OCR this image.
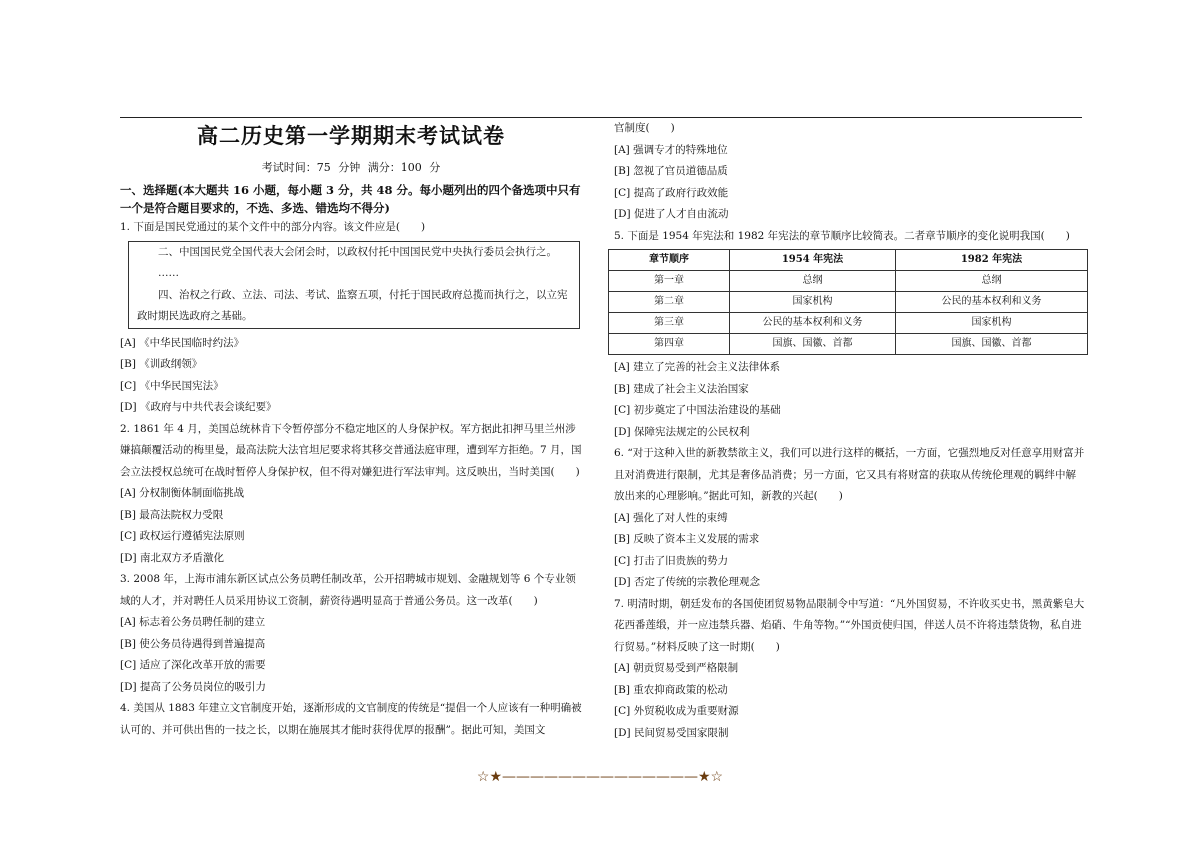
高二历史第一学期期末考试试卷
考试时间：75 分钟 满分：100 分
一、选择题(本大题共 16 小题，每小题 3 分，共 48 分。每小题列出的四个备选项中只有一个是符合题目要求的，不选、多选、错选均不得分)

1. 下面是国民党通过的某个文件中的部分内容。该文件应是(　　)

二、中国国民党全国代表大会闭会时，以政权付托中国国民党中央执行委员会执行之。

……

四、治权之行政、立法、司法、考试、监察五项，付托于国民政府总揽而执行之，以立宪政时期民选政府之基础。

[A] 《中华民国临时约法》

[B] 《训政纲领》

[C] 《中华民国宪法》

[D] 《政府与中共代表会谈纪要》

2. 1861 年 4 月，美国总统林肯下令暂停部分不稳定地区的人身保护权。军方据此扣押马里兰州涉嫌搞颠覆活动的梅里曼，最高法院大法官坦尼要求将其移交普通法庭审理，遭到军方拒绝。7 月，国会立法授权总统可在战时暂停人身保护权，但不得对嫌犯进行军法审判。这反映出，当时美国(　　)

[A] 分权制衡体制面临挑战

[B] 最高法院权力受限

[C] 政权运行遵循宪法原则

[D] 南北双方矛盾激化

3. 2008 年，上海市浦东新区试点公务员聘任制改革，公开招聘城市规划、金融规划等 6 个专业领域的人才，并对聘任人员采用协议工资制，薪资待遇明显高于普通公务员。这一改革(　　)

[A] 标志着公务员聘任制的建立

[B] 使公务员待遇得到普遍提高

[C] 适应了深化改革开放的需要

[D] 提高了公务员岗位的吸引力

4. 美国从 1883 年建立文官制度开始，逐渐形成的文官制度的传统是“提倡一个人应该有一种明确被认可的、并可供出售的一技之长，以期在施展其才能时获得优厚的报酬”。据此可知，美国文

官制度(　　)

[A] 强调专才的特殊地位

[B] 忽视了官员道德品质

[C] 提高了政府行政效能

[D] 促进了人才自由流动

5. 下面是 1954 年宪法和 1982 年宪法的章节顺序比较简表。二者章节顺序的变化说明我国(　　)

章节顺序	1954 年宪法	1982 年宪法
第一章	总纲	总纲
第二章	国家机构	公民的基本权利和义务
第三章	公民的基本权利和义务	国家机构
第四章	国旗、国徽、首都	国旗、国徽、首都

[A] 建立了完善的社会主义法律体系

[B] 建成了社会主义法治国家

[C] 初步奠定了中国法治建设的基础

[D] 保障宪法规定的公民权利

6. “对于这种入世的新教禁欲主义，我们可以进行这样的概括，一方面，它强烈地反对任意享用财富并且对消费进行限制，尤其是奢侈品消费；另一方面，它又具有将财富的获取从传统伦理观的羁绊中解放出来的心理影响。”据此可知，新教的兴起(　　)

[A] 强化了对人性的束缚

[B] 反映了资本主义发展的需求

[C] 打击了旧贵族的势力

[D] 否定了传统的宗教伦理观念

7. 明清时期，朝廷发布的各国使团贸易物品限制令中写道：“凡外国贸易，不许收买史书，黑黄紫皂大花西番莲缎，并一应违禁兵器、焰硝、牛角等物。”“外国贡使归国，伴送人员不许将违禁货物，私自进行贸易。”材料反映了这一时期(　　)

[A] 朝贡贸易受到严格限制

[B] 重农抑商政策的松动

[C] 外贸税收成为重要财源

[D] 民间贸易受国家限制

☆★——————————————★☆
